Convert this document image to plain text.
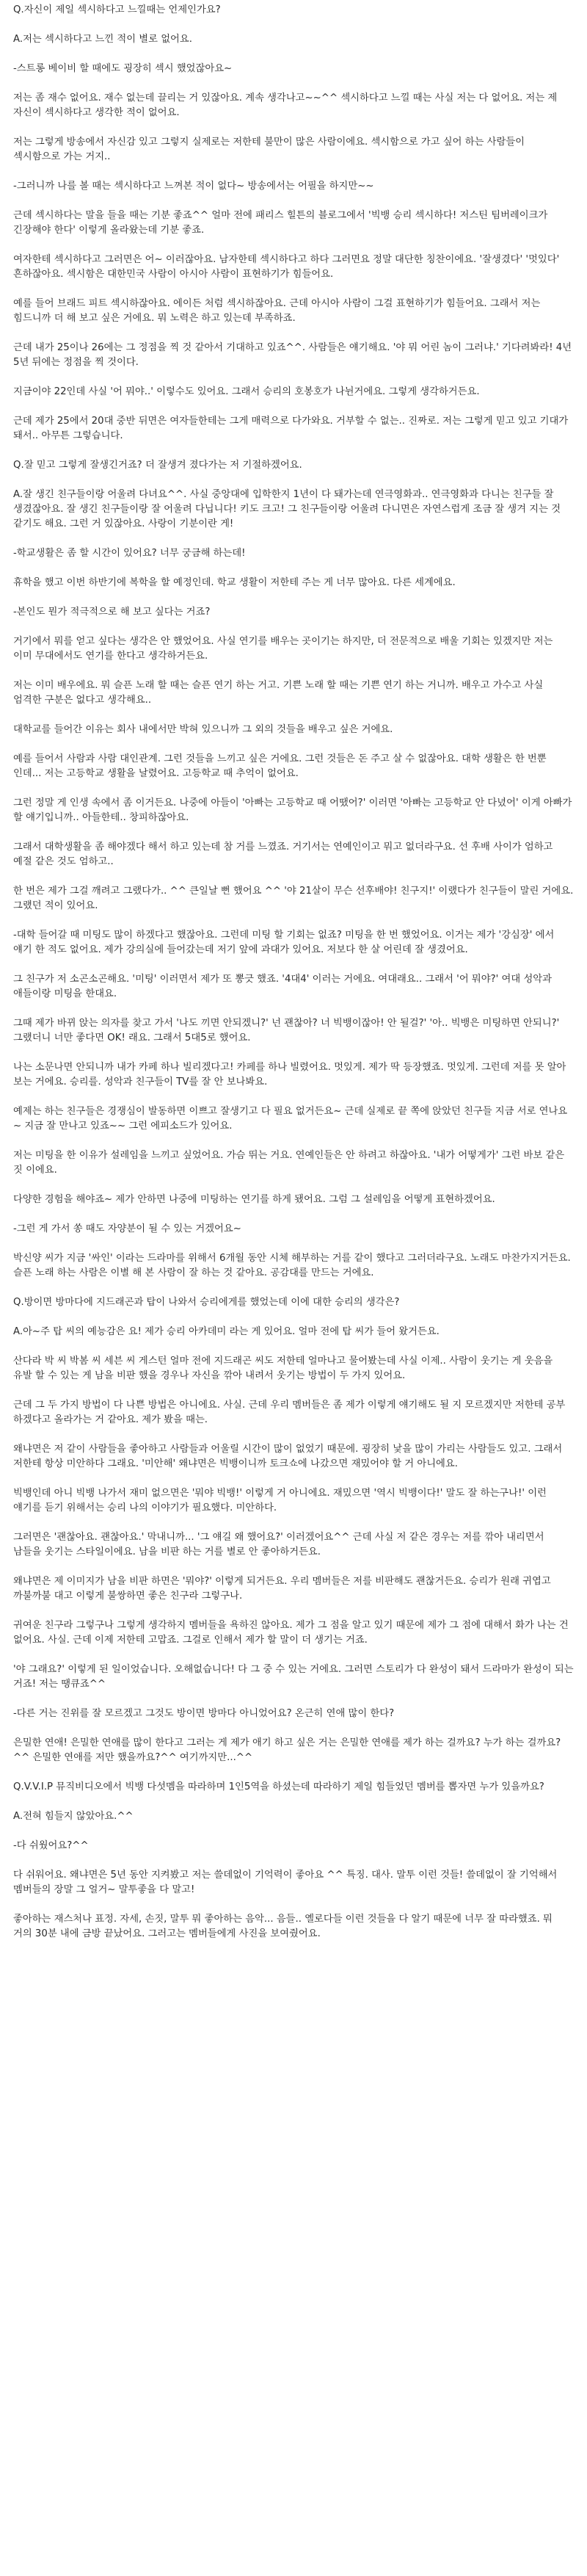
Q.자신이 제일 섹시하다고 느낄때는 언제인가요?

A.저는 섹시하다고 느낀 적이 별로 없어요.

-스트롱 베이비 할 때에도 굉장히 섹시 했었잖아요~

저는 좀 재수 없어요. 재수 없는데 끌리는 거 있잖아요. 계속 생각나고~~^^ 섹시하다고 느낄 때는 사실 저는 다 없어요. 저는 제 자신이 섹시하다고 생각한 적이 없어요.

저는 그렇게 방송에서 자신감 있고 그렇지 실제로는 저한테 불만이 많은 사람이에요. 섹시함으로 가고 싶어 하는 사람들이 섹시함으로 가는 거지..

-그러니까 나를 볼 때는 섹시하다고 느껴본 적이 없다~ 방송에서는 어필을 하지만~~

근데 섹시하다는 말을 들을 때는 기분 좋죠^^ 얼마 전에 패리스 힐튼의 블로그에서 '빅뱅 승리 섹시하다! 저스틴 팀버레이크가 긴장해야 한다' 이렇게 올라왔는데 기분 좋죠.

여자한테 섹시하다고 그러면은 어~ 이러잖아요. 남자한테 섹시하다고 하다 그러면요 정말 대단한 칭찬이에요. '잘생겼다' '멋있다' 흔하잖아요. 섹시함은 대한민국 사람이 아시아 사람이 표현하기가 힘들어요.

예를 들어 브래드 피트 섹시하잖아요. 에이든 처럼 섹시하잖아요. 근데 아시아 사람이 그걸 표현하기가 힘들어요. 그래서 저는 힘드니까 더 해 보고 싶은 거에요. 뭐 노력은 하고 있는데 부족하죠.

근데 내가 25이나 26에는 그 정점을 찍 것 같아서 기대하고 있죠^^. 사람들은 얘기해요. '야 뭐 어린 놈이 그러냐.' 기다려봐라! 4년 5년 뒤에는 정점을 찍 것이다.

지금이야 22인데 사실 '어 뭐야..' 이렇수도 있어요. 그래서 승리의 호봉호가 나뉜거에요. 그렇게 생각하거든요.

근데 제가 25에서 20대 중반 뒤면은 여자들한테는 그게 매력으로 다가와요. 거부할 수 없는.. 진짜로. 저는 그렇게 믿고 있고 기대가 돼서.. 아무튼 그렇습니다.

Q.잘 믿고 그렇게 잘생긴거죠? 더 잘생겨 졌다가는 저 기절하겠어요.

A.잘 생긴 친구들이랑 어울려 다녀요^^. 사실 중앙대에 입학한지 1년이 다 돼가는데 연극영화과.. 연극영화과 다니는 친구들 잘 생겼잖아요. 잘 생긴 친구들이랑 잘 어울려 다닙니다! 키도 크고! 그 친구들이랑 어울려 다니면은 자연스럽게 조금 잘 생겨 지는 것 같기도 해요. 그런 거 있잖아요. 사랑이 기분이란 게!

-학교생활은 좀 할 시간이 있어요? 너무 궁금해 하는데!

휴학을 했고 이번 하반기에 복학을 할 예정인데. 학교 생활이 저한테 주는 게 너무 많아요. 다른 세계에요.

-본인도 뭔가 적극적으로 해 보고 싶다는 거죠?

거기에서 뭐를 얻고 싶다는 생각은 안 했었어요. 사실 연기를 배우는 곳이기는 하지만, 더 전문적으로 배울 기회는 있겠지만 저는 이미 무대에서도 연기를 한다고 생각하거든요.

저는 이미 배우에요. 뭐 슬픈 노래 할 때는 슬픈 연기 하는 거고. 기쁜 노래 할 때는 기쁜 연기 하는 거니까. 배우고 가수고 사실 엄격한 구분은 없다고 생각해요..

대학교를 들어간 이유는 회사 내에서만 박혀 있으니까 그 외의 것들을 배우고 싶은 거에요.

예를 들어서 사람과 사람 대인관계. 그런 것들을 느끼고 싶은 거에요. 그런 것들은 돈 주고 살 수 없잖아요. 대학 생활은 한 번뿐 인데... 저는 고등학교 생활을 날렸어요. 고등학교 때 추억이 없어요.

그런 정말 게 인생 속에서 좀 이거든요. 나중에 아들이 '아빠는 고등학교 때 어땠어?' 이러면 '아빠는 고등학교 안 다녔어' 이게 아빠가 할 얘기입니까.. 아들한테.. 창피하잖아요.

그래서 대학생활을 좀 해야겠다 해서 하고 있는데 참 거를 느꼈죠. 거기서는 연예인이고 뭐고 없더라구요. 선 후배 사이가 엄하고 예절 같은 것도 엄하고..

한 번은 제가 그걸 깨려고 그랬다가.. ^^ 큰일날 뻔 했어요 ^^ '야 21살이 무슨 선후배야! 친구지!' 이랬다가 친구들이 말린 거에요. 그랬던 적이 있어요.

-대학 들어갈 때 미팅도 많이 하겠다고 했잖아요. 그런데 미팅 할 기회는 없죠? 미팅을 한 번 했었어요. 이거는 제가 '강심장' 에서 얘기 한 적도 없어요. 제가 강의실에 들어갔는데 저기 앞에 과대가 있어요. 저보다 한 살 어린데 잘 생겼어요.

그 친구가 저 소곤소곤해요. '미팅' 이러면서 제가 또 뽕긋 했죠. '4대4' 이러는 거에요. 여대래요.. 그래서 '어 뭐야?' 여대 성악과 애들이랑 미팅을 한대요.

그때 제가 바뀌 앉는 의자를 찾고 가서 '나도 끼면 안되겠니?' 넌 괜찮아? 너 빅뱅이잖아! 안 될걸?' '아.. 빅뱅은 미팅하면 안되니?' 그랬더니 너만 좋다면 OK! 래요. 그래서 5대5로 했어요.

나는 소문나면 안되니까 내가 카페 하나 빌리겠다고! 카페를 하나 빌렸어요. 멋있게. 제가 딱 등장했죠. 멋있게. 그런데 저를 못 알아 보는 거에요. 승리를. 성악과 친구들이 TV를 잘 안 보나봐요.

예제는 하는 친구들은 경쟁심이 발동하면 이쁘고 잘생기고 다 필요 없거든요~ 근데 실제로 끝 쪽에 앉았던 친구들 지금 서로 연나요~ 지금 잘 만나고 있죠~~ 그런 에피소드가 있어요.

저는 미팅을 한 이유가 설레임을 느끼고 싶었어요. 가슴 뛰는 거요. 연예인들은 안 하려고 하잖아요. '내가 어떻게가' 그런 바보 같은 짓 이에요.

다양한 경험을 해야죠~ 제가 안하면 나중에 미팅하는 연기를 하게 됐어요. 그럼 그 설레임을 어떻게 표현하겠어요.

-그런 게 가서 쏭 때도 자양분이 될 수 있는 거겠어요~

박신양 씨가 지금 '싸인' 이라는 드라마를 위해서 6개월 동안 시체 해부하는 거를 같이 했다고 그러더라구요. 노래도 마찬가지거든요. 슬픈 노래 하는 사람은 이별 해 본 사람이 잘 하는 것 같아요. 공감대를 만드는 거에요.

Q.방이면 방마다에 지드래곤과 탑이 나와서 승리에게를 했었는데 이에 대한 승리의 생각은?

A.아~주 탑 씨의 예능감은 요! 제가 승리 아카데미 라는 게 있어요. 얼마 전에 탑 씨가 들어 왔거든요.

산다라 박 씨 박봄 씨 세븐 씨 게스턴 얼마 전에 지드래곤 씨도 저한테 얼마나고 물어봤는데 사실 이제.. 사람이 웃기는 게 웃음을 유발 할 수 있는 게 남을 비판 했을 경우나 자신을 깎아 내려서 웃기는 방법이 두 가지 있어요.

근데 그 두 가지 방법이 다 나쁜 방법은 아니에요. 사실. 근데 우리 멤버들은 좀 제가 이렇게 얘기해도 될 지 모르겠지만 저한테 공부 하겠다고 올라가는 거 같아요. 제가 봤을 때는.

왜냐면은 저 같이 사람들을 좋아하고 사람들과 어울릴 시간이 많이 없었기 때문에. 굉장히 낯을 많이 가리는 사람들도 있고. 그래서 저한테 항상 미안하다 그래요. '미안해' 왜냐면은 빅뱅이니까 토크쇼에 나갔으면 재밌어야 할 거 아니에요.

빅뱅인데 아니 빅뱅 나가서 재미 없으면은 '뭐야 빅뱅!' 이렇게 거 아니에요. 재밌으면 '역시 빅뱅이다!' 말도 잘 하는구나!' 이런 얘기를 듣기 위해서는 승리 나의 이야기가 필요했다. 미안하다.

그러면은 '괜찮아요. 괜찮아요.' 막내니까... '그 얘길 왜 했어요?' 이러겠어요^^ 근데 사실 저 같은 경우는 저를 깎아 내리면서 남들을 웃기는 스타일이에요. 남을 비판 하는 거를 별로 안 좋아하거든요.

왜냐면은 제 이미지가 남을 비판 하면은 '뭐야?' 이렇게 되거든요. 우리 멤버들은 저를 비판해도 괜찮거든요. 승리가 원래 귀엽고 까불까불 대고 이렇게 불쌍하면 좋은 친구라 그렇구나.

귀여운 친구라 그렇구나 그렇게 생각하지 멤버들을 욕하진 않아요. 제가 그 점을 알고 있기 때문에 제가 그 점에 대해서 화가 나는 건 없어요. 사실. 근데 이제 저한테 고맙죠. 그걸로 인해서 제가 할 말이 더 생기는 거죠.

'야 그래요?' 이렇게 된 일이었습니다. 오해없습니다! 다 그 중 수 있는 거에요. 그러면 스토리가 다 완성이 돼서 드라마가 완성이 되는 거죠! 저는 땡큐죠^^

-다른 거는 진위를 잘 모르겠고 그것도 방이면 방마다 아니었어요? 온근히 연애 많이 한다?

은밀한 연애! 은밀한 연애를 많이 한다고 그러는 게 제가 애기 하고 싶은 거는 은밀한 연애를 제가 하는 걸까요? 누가 하는 걸까요?^^ 은밀한 연애를 저만 했을까요?^^ 여기까지만...^^

Q.V.V.I.P 뮤직비디오에서 빅뱅 다섯멤을 따라하며 1인5역을 하셨는데 따라하기 제일 힘들었던 멤버를 뽑자면 누가 있을까요?

A.전혀 힘들지 않았아요.^^

-다 쉬웠어요?^^

다 쉬워어요. 왜냐면은 5년 동안 지켜봤고 저는 쓸데없이 기억력이 좋아요 ^^ 특징. 대사. 말투 이런 것들! 쓸데없이 잘 기억해서 멤버들의 장말 그 얼거~ 말투좋을 다 말고!

좋아하는 재스처나 표정. 자세, 손짓, 말투 뭐 좋아하는 음악... 음들.. 옐로다들 이런 것들을 다 알기 때문에 너무 잘 따라했죠. 뭐 거의 30분 내에 금방 끝났어요. 그러고는 멤버들에게 사진을 보여줬어요.
